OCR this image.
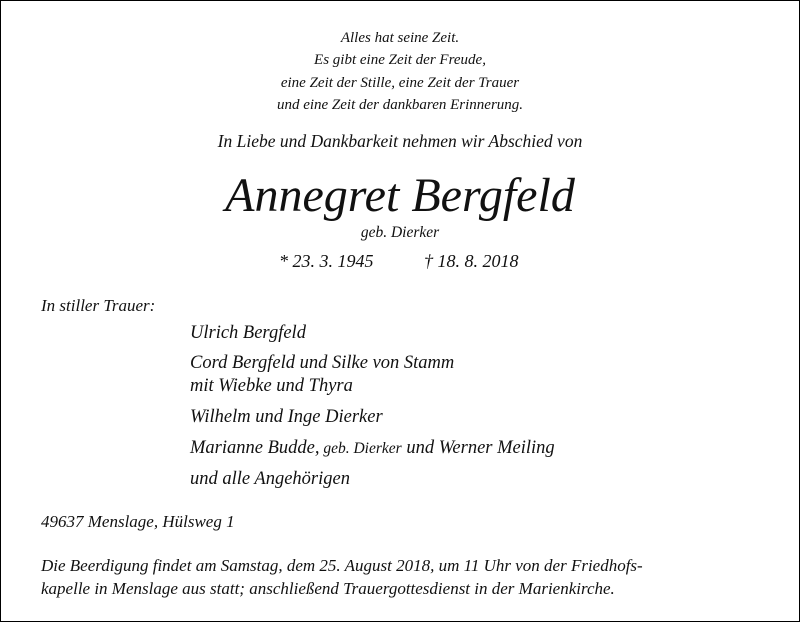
Alles hat seine Zeit.
Es gibt eine Zeit der Freude,
eine Zeit der Stille, eine Zeit der Trauer
und eine Zeit der dankbaren Erinnerung.
In Liebe und Dankbarkeit nehmen wir Abschied von
Annegret Bergfeld
geb. Dierker
* 23. 3. 1945	† 18. 8. 2018
In stiller Trauer:
Ulrich Bergfeld
Cord Bergfeld und Silke von Stamm
mit Wiebke und Thyra
Wilhelm und Inge Dierker
Marianne Budde, geb. Dierker und Werner Meiling
und alle Angehörigen
49637 Menslage, Hülsweg 1
Die Beerdigung findet am Samstag, dem 25. August 2018, um 11 Uhr von der Friedhofs-
kapelle in Menslage aus statt; anschließend Trauergottesdienst in der Marienkirche.
